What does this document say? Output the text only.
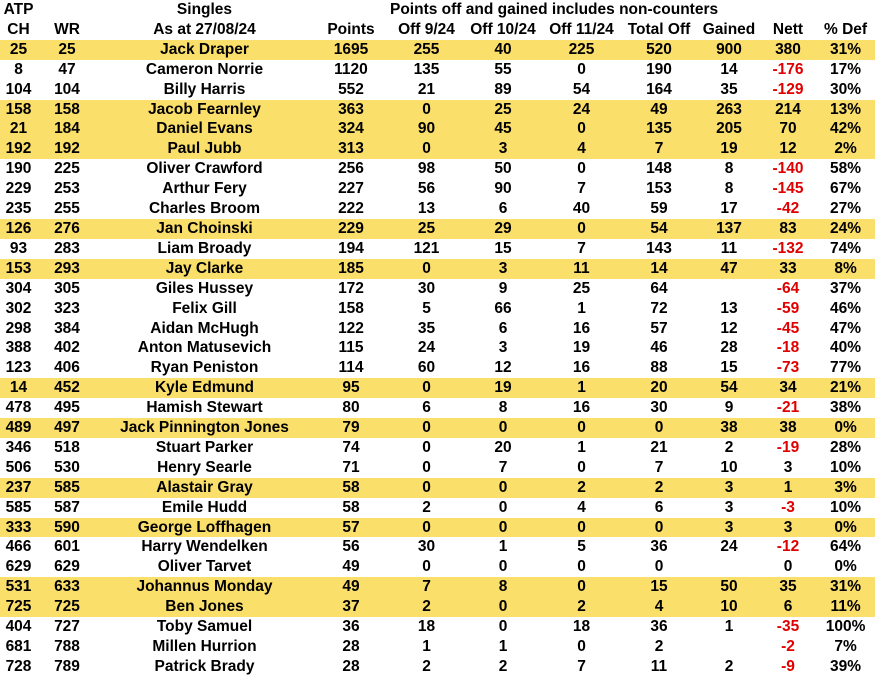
ATP		Singles		Points off and gained includes non-counters						
CH	WR	As at 27/08/24	Points	Off 9/24	Off 10/24	Off 11/24	Total Off	Gained	Nett	% Def
25	25	Jack Draper	1695	255	40	225	520	900	380	31%
8	47	Cameron Norrie	1120	135	55	0	190	14	-176	17%
104	104	Billy Harris	552	21	89	54	164	35	-129	30%
158	158	Jacob Fearnley	363	0	25	24	49	263	214	13%
21	184	Daniel Evans	324	90	45	0	135	205	70	42%
192	192	Paul Jubb	313	0	3	4	7	19	12	2%
190	225	Oliver Crawford	256	98	50	0	148	8	-140	58%
229	253	Arthur Fery	227	56	90	7	153	8	-145	67%
235	255	Charles Broom	222	13	6	40	59	17	-42	27%
126	276	Jan Choinski	229	25	29	0	54	137	83	24%
93	283	Liam Broady	194	121	15	7	143	11	-132	74%
153	293	Jay Clarke	185	0	3	11	14	47	33	8%
304	305	Giles Hussey	172	30	9	25	64		-64	37%
302	323	Felix Gill	158	5	66	1	72	13	-59	46%
298	384	Aidan McHugh	122	35	6	16	57	12	-45	47%
388	402	Anton Matusevich	115	24	3	19	46	28	-18	40%
123	406	Ryan Peniston	114	60	12	16	88	15	-73	77%
14	452	Kyle Edmund	95	0	19	1	20	54	34	21%
478	495	Hamish Stewart	80	6	8	16	30	9	-21	38%
489	497	Jack Pinnington Jones	79	0	0	0	0	38	38	0%
346	518	Stuart Parker	74	0	20	1	21	2	-19	28%
506	530	Henry Searle	71	0	7	0	7	10	3	10%
237	585	Alastair Gray	58	0	0	2	2	3	1	3%
585	587	Emile Hudd	58	2	0	4	6	3	-3	10%
333	590	George Loffhagen	57	0	0	0	0	3	3	0%
466	601	Harry Wendelken	56	30	1	5	36	24	-12	64%
629	629	Oliver Tarvet	49	0	0	0	0		0	0%
531	633	Johannus Monday	49	7	8	0	15	50	35	31%
725	725	Ben Jones	37	2	0	2	4	10	6	11%
404	727	Toby Samuel	36	18	0	18	36	1	-35	100%
681	788	Millen Hurrion	28	1	1	0	2		-2	7%
728	789	Patrick Brady	28	2	2	7	11	2	-9	39%
